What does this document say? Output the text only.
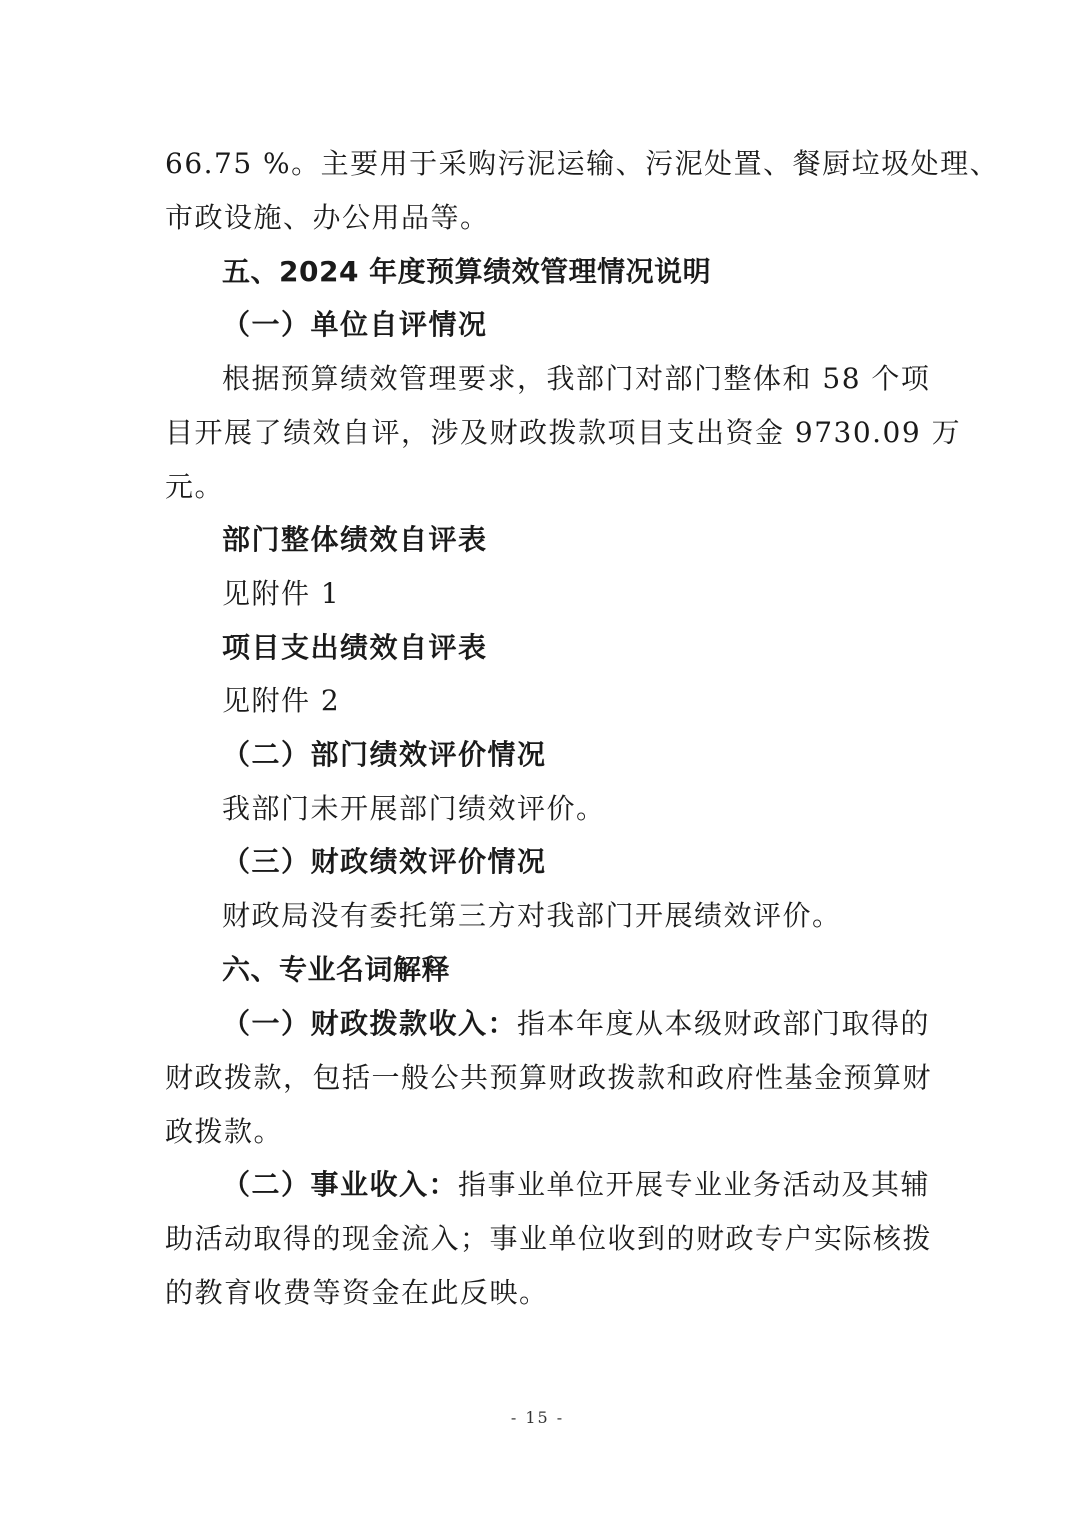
66.75 %。主要用于采购污泥运输、污泥处置、餐厨垃圾处理、
市政设施、办公用品等。
五、2024 年度预算绩效管理情况说明
（一）单位自评情况
根据预算绩效管理要求，我部门对部门整体和 58 个项
目开展了绩效自评，涉及财政拨款项目支出资金 9730.09 万
元。
部门整体绩效自评表
见附件 1
项目支出绩效自评表
见附件 2
（二）部门绩效评价情况
我部门未开展部门绩效评价。
（三）财政绩效评价情况
财政局没有委托第三方对我部门开展绩效评价。
六、专业名词解释
（一）财政拨款收入：指本年度从本级财政部门取得的
财政拨款，包括一般公共预算财政拨款和政府性基金预算财
政拨款。
（二）事业收入：指事业单位开展专业业务活动及其辅
助活动取得的现金流入；事业单位收到的财政专户实际核拨
的教育收费等资金在此反映。
- 15 -
